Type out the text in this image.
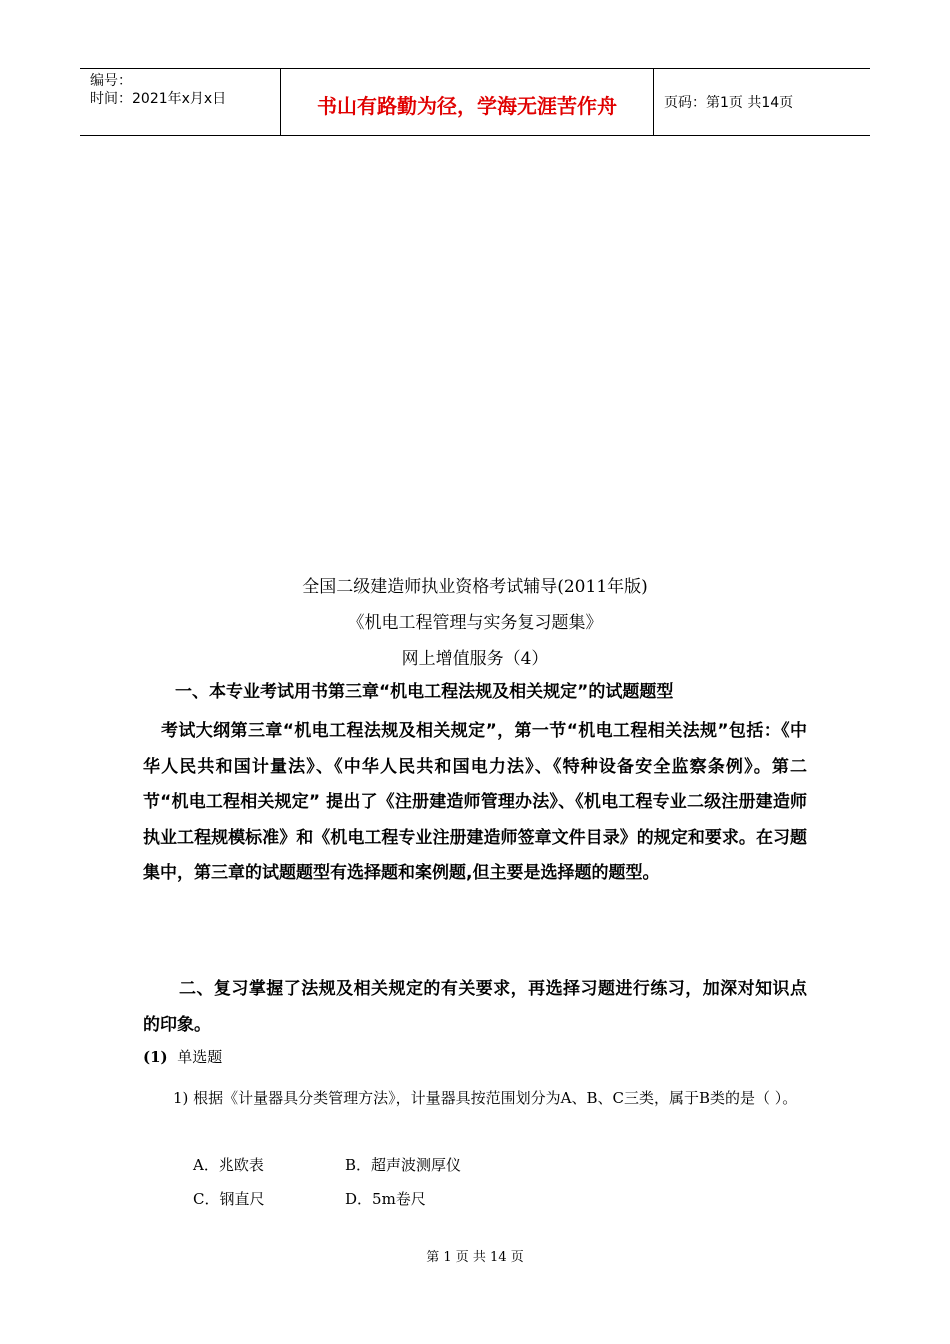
编号：
时间：2021年x月x日	书山有路勤为径，学海无涯苦作舟	页码：第1页 共14页
全国二级建造师执业资格考试辅导(2011年版)
《机电工程管理与实务复习题集》
网上增值服务（4）
一、本专业考试用书第三章“机电工程法规及相关规定”的试题题型
考试大纲第三章“机电工程法规及相关规定”，第一节“机电工程相关法规”包括：《中华人民共和国计量法》、《中华人民共和国电力法》、《特种设备安全监察条例》。第二节“机电工程相关规定” 提出了《注册建造师管理办法》、《机电工程专业二级注册建造师执业工程规模标准》和《机电工程专业注册建造师签章文件目录》的规定和要求。在习题集中，第三章的试题题型有选择题和案例题,但主要是选择题的题型。
二、复习掌握了法规及相关规定的有关要求，再选择习题进行练习，加深对知识点的印象。
(1) 单选题
1) 根据《计量器具分类管理方法》，计量器具按范围划分为A、B、C三类，属于B类的是（ ）。
A．兆欧表	B．超声波测厚仪
C．钢直尺	D．5m卷尺
第 1 页 共 14 页
